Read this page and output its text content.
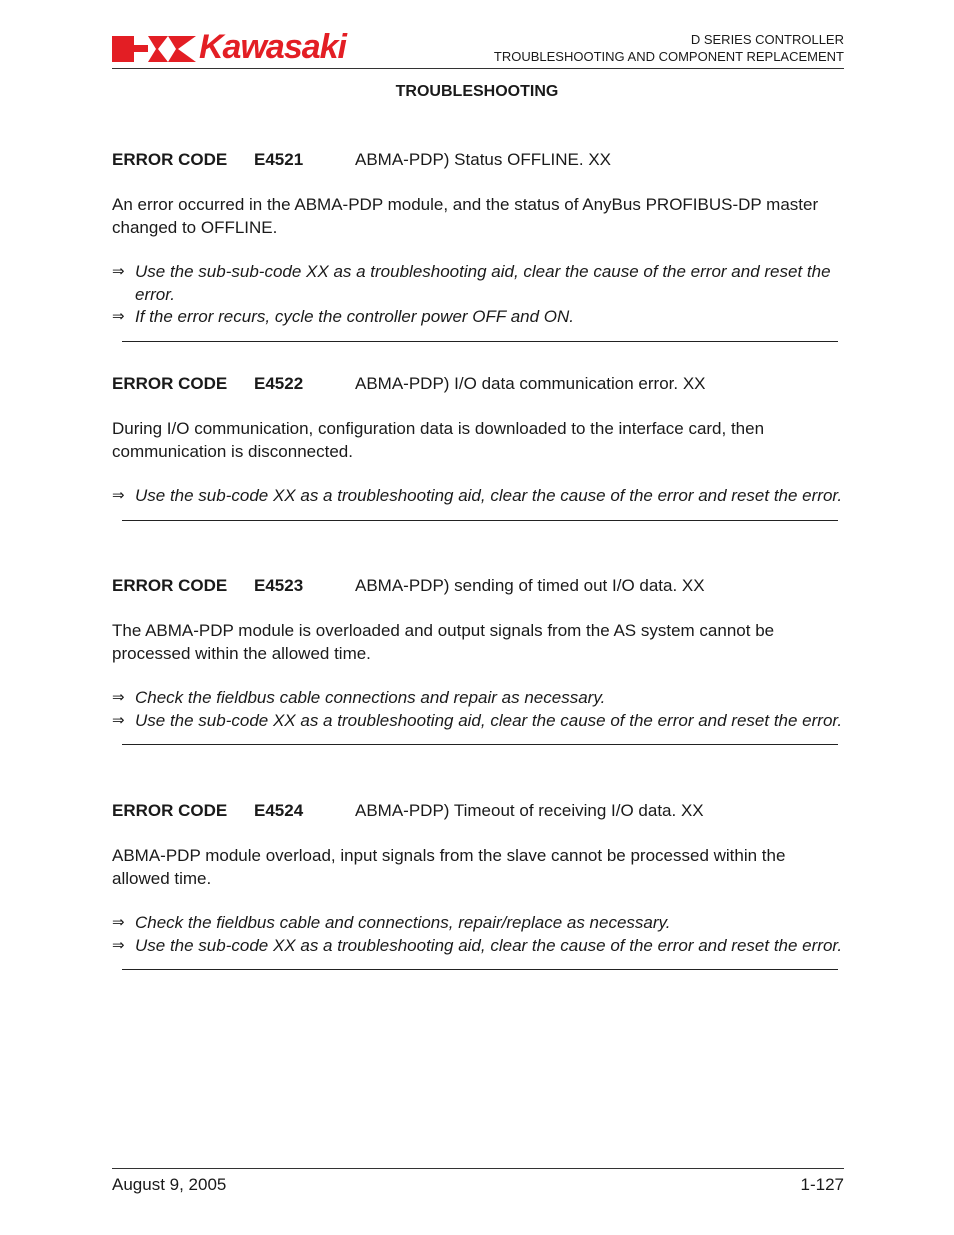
Kawasaki	D SERIES CONTROLLER
TROUBLESHOOTING AND COMPONENT REPLACEMENT
TROUBLESHOOTING
ERROR CODE E4521	ABMA-PDP) Status OFFLINE. XX
An error occurred in the ABMA-PDP module, and the status of AnyBus PROFIBUS-DP master changed to OFFLINE.
⇒ Use the sub-sub-code XX as a troubleshooting aid, clear the cause of the error and reset the error.
⇒ If the error recurs, cycle the controller power OFF and ON.
ERROR CODE E4522	ABMA-PDP) I/O data communication error. XX
During I/O communication, configuration data is downloaded to the interface card, then communication is disconnected.
⇒ Use the sub-code XX as a troubleshooting aid, clear the cause of the error and reset the error.
ERROR CODE E4523	ABMA-PDP) sending of timed out I/O data. XX
The ABMA-PDP module is overloaded and output signals from the AS system cannot be processed within the allowed time.
⇒ Check the fieldbus cable connections and repair as necessary.
⇒ Use the sub-code XX as a troubleshooting aid, clear the cause of the error and reset the error.
ERROR CODE E4524	ABMA-PDP) Timeout of receiving I/O data. XX
ABMA-PDP module overload, input signals from the slave cannot be processed within the allowed time.
⇒ Check the fieldbus cable and connections, repair/replace as necessary.
⇒ Use the sub-code XX as a troubleshooting aid, clear the cause of the error and reset the error.
August 9, 2005	1-127
